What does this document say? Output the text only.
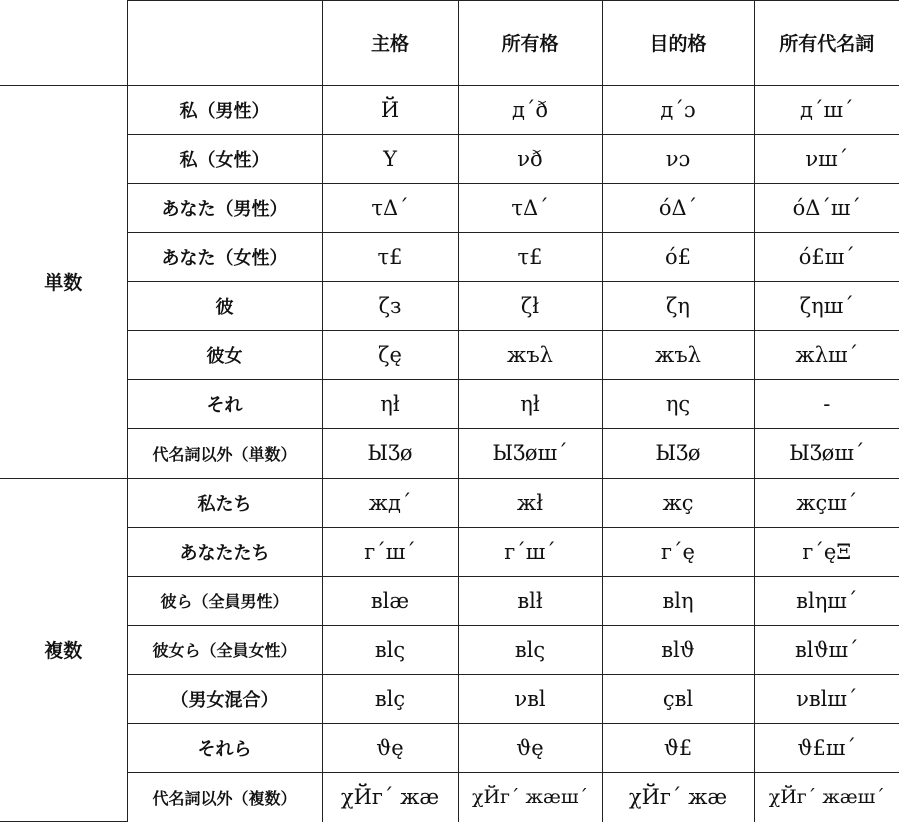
		主格	所有格	目的格	所有代名詞
単数	私（男性）	Й	д΄ð	д΄ɔ	д΄ш΄
	私（女性）	Y	νð	νɔ	νш΄
	あなた（男性）	τΔ΄	τΔ΄	όΔ΄	όΔ΄ш΄
	あなた（女性）	τ£	τ£	ό£	ό£ш΄
	彼	ζз	ζł	ζη	ζηш΄
	彼女	ζę	жъλ	жъλ	жλш΄
	それ	ηł	ηł	ης	-
	代名詞以外（単数）	ЫƷø	ЫƷøш΄	ЫƷø	ЫƷøш΄
複数	私たち	жд΄	жł	жç	жçш΄
	あなたたち	г΄ш΄	г΄ш΄	г΄ę	г΄ęΞ
	彼ら（全員男性）	вlæ	вlł	вlη	вlηш΄
	彼女ら（全員女性）	вlς	вlς	вlϑ	вlϑш΄
	（男女混合）	вlç	νвl	çвl	νвlш΄
	それら	ϑę	ϑę	ϑ£	ϑ£ш΄
	代名詞以外（複数）	χЙг΄ жæ	χЙг΄ жæш΄	χЙг΄ жæ	χЙг΄ жæш΄
